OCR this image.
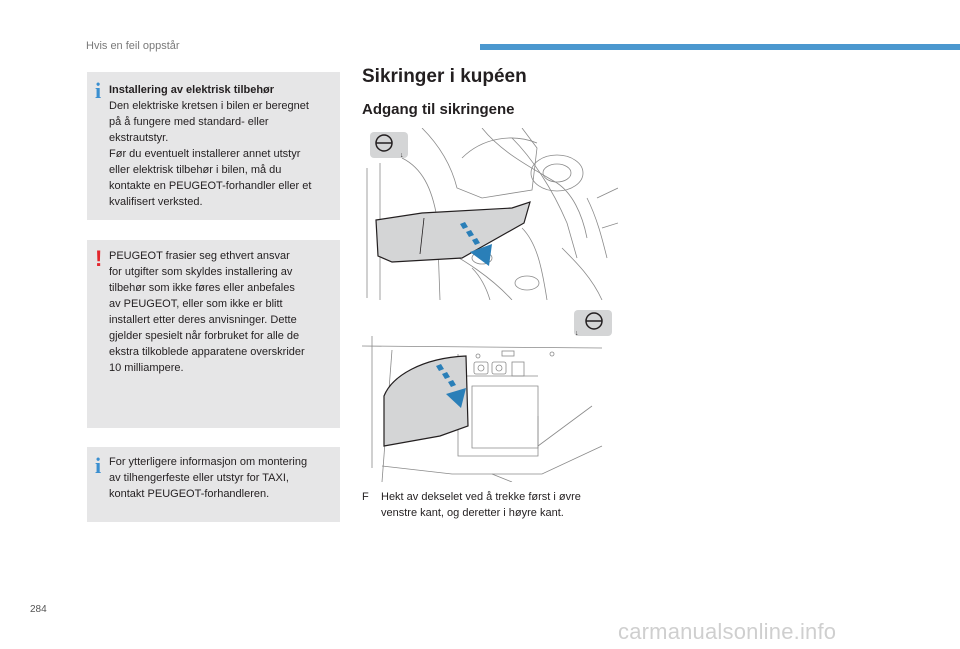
Hvis en feil oppstår
i Installering av elektrisk tilbehør
Den elektriske kretsen i bilen er beregnet
på å fungere med standard- eller
ekstrautstyr.
Før du eventuelt installerer annet utstyr
eller elektrisk tilbehør i bilen, må du
kontakte en PEUGEOT-forhandler eller et
kvalifisert verksted.
! PEUGEOT frasier seg ethvert ansvar
for utgifter som skyldes installering av
tilbehør som ikke føres eller anbefales
av PEUGEOT, eller som ikke er blitt
installert etter deres anvisninger. Dette
gjelder spesielt når forbruket for alle de
ekstra tilkoblede apparatene overskrider
10 milliampere.
i For ytterligere informasjon om montering
av tilhengerfeste eller utstyr for TAXI,
kontakt PEUGEOT-forhandleren.
Sikringer i kupéen
Adgang til sikringene
↓
↓
F Hekt av dekselet ved å trekke først i øvre
venstre kant, og deretter i høyre kant.
284
carmanualsonline.info
